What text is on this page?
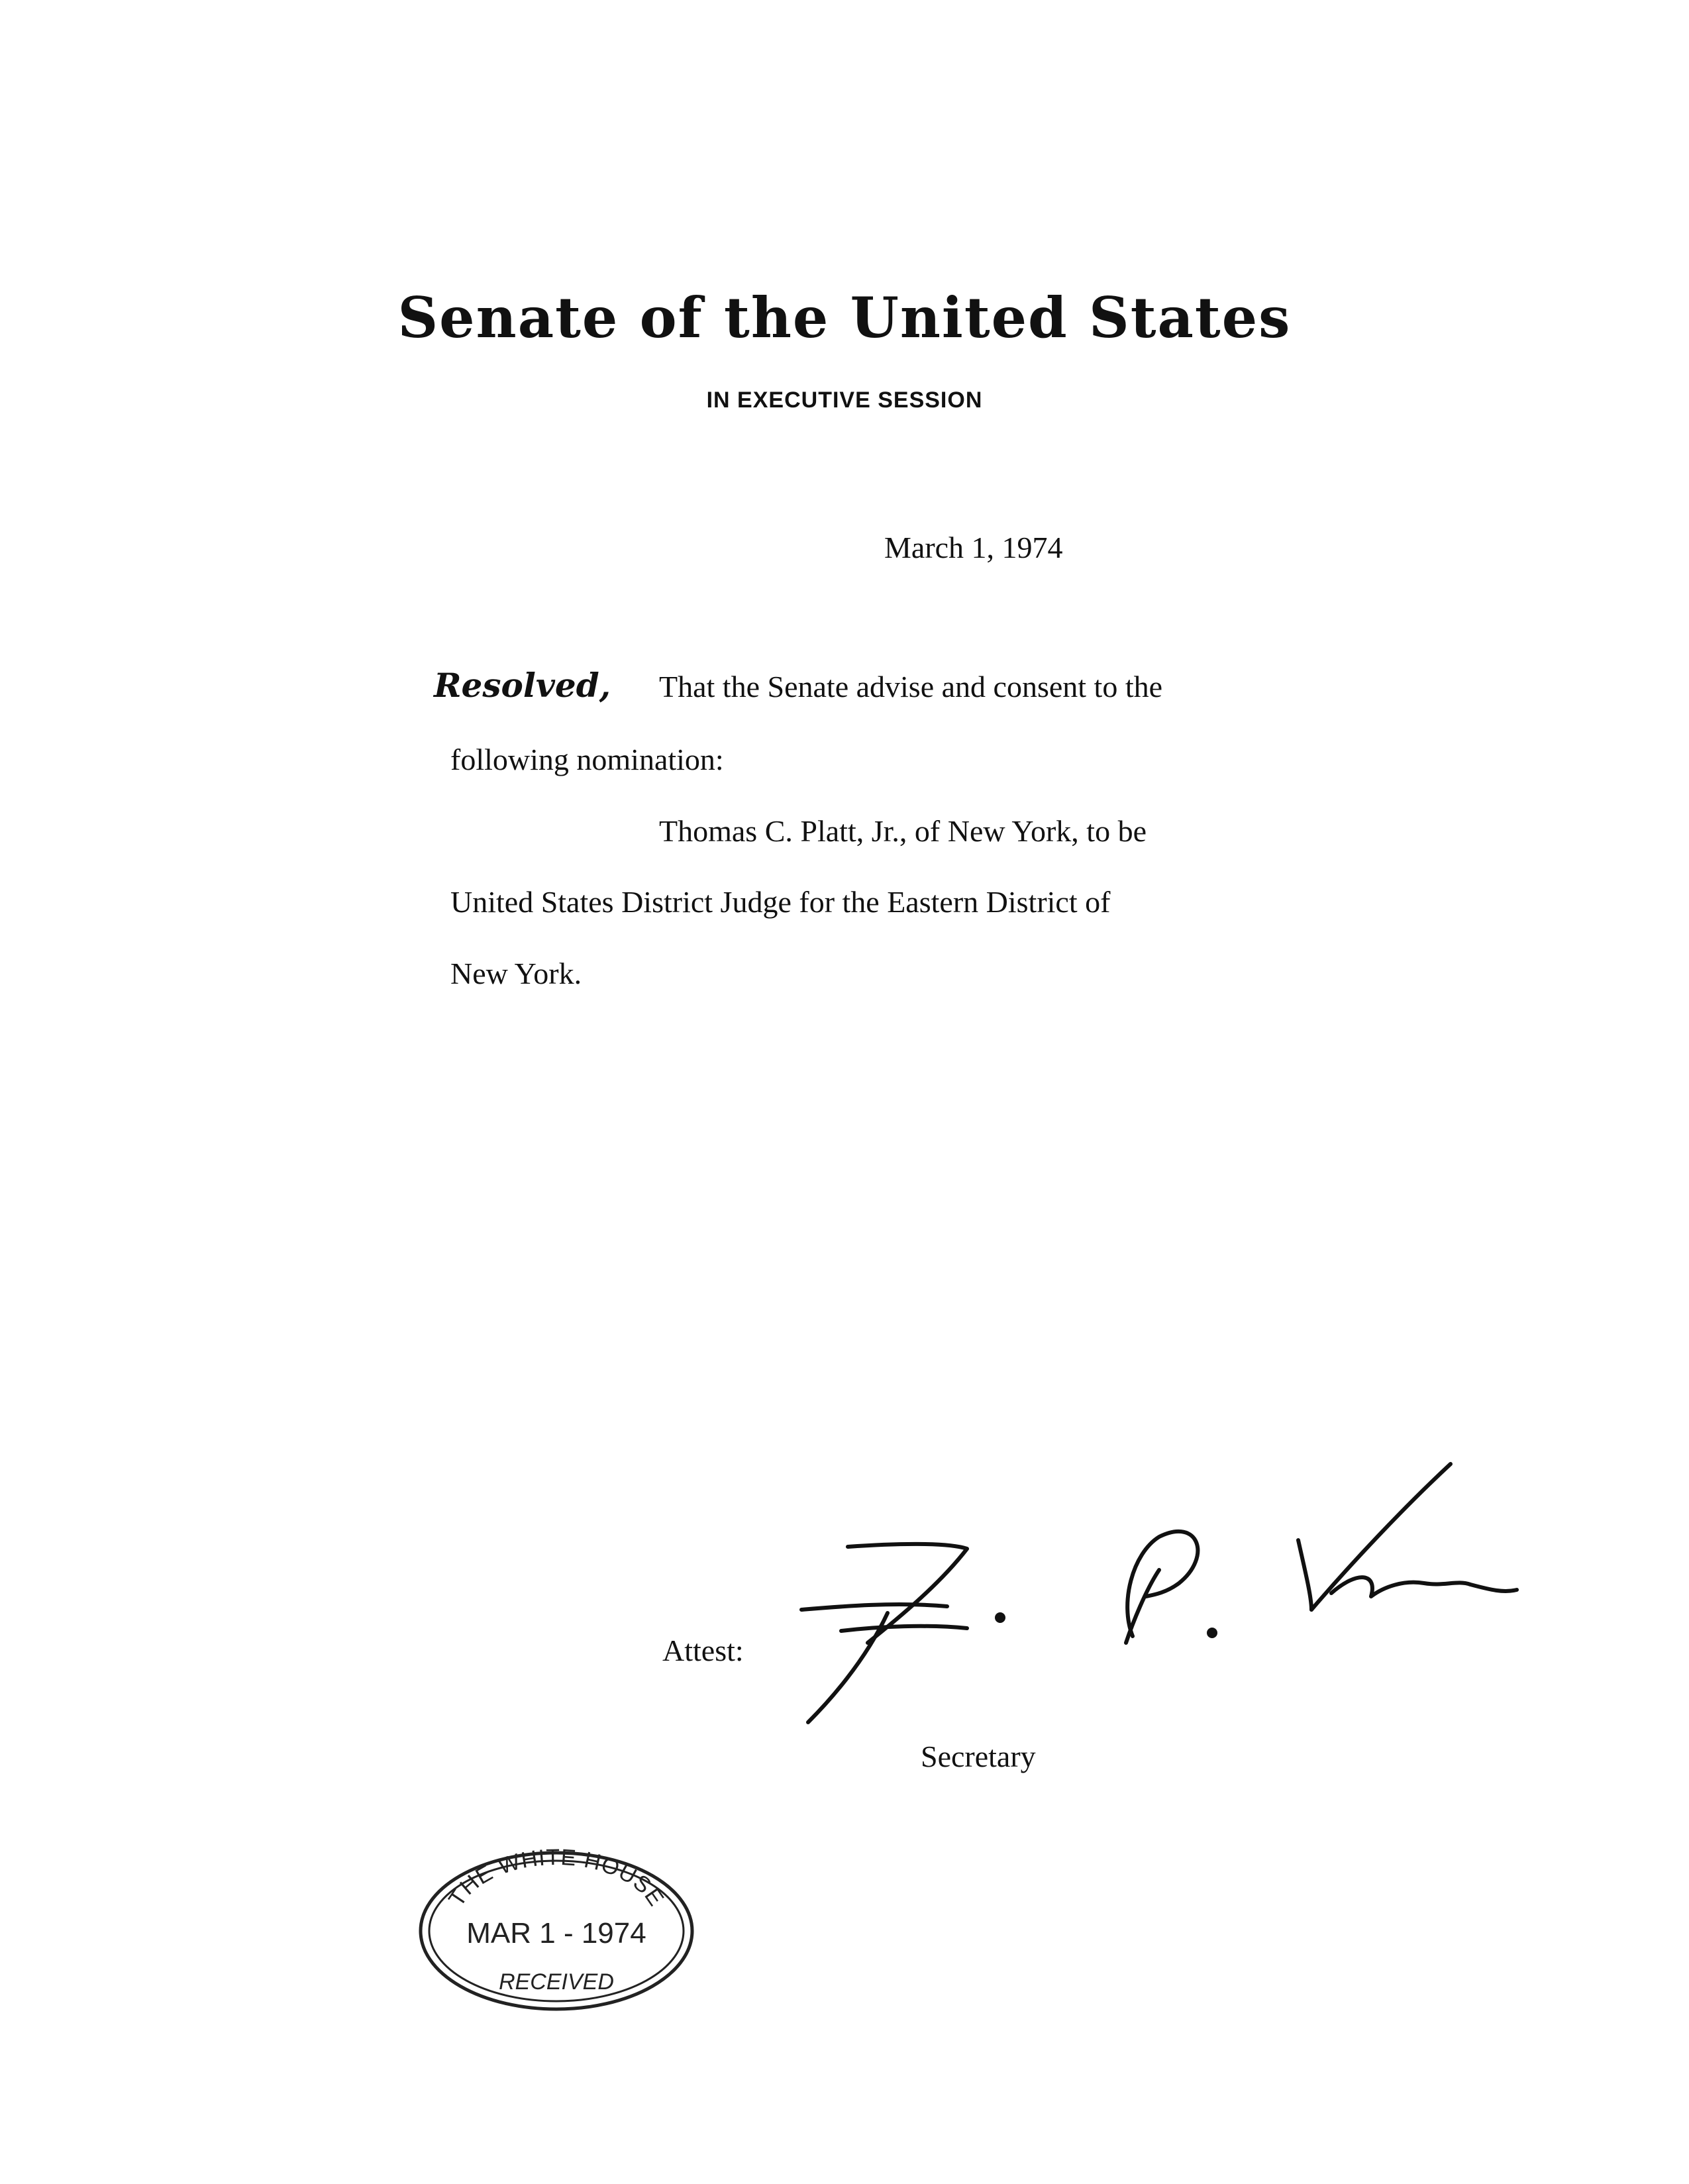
Senate of the United States
IN EXECUTIVE SESSION
March 1, 1974
Resolved, That the Senate advise and consent to the
following nomination:
Thomas C. Platt, Jr., of New York, to be
United States District Judge for the Eastern District of
New York.
Attest:
Secretary
THE WHITE HOUSE
MAR 1 - 1974
RECEIVED
